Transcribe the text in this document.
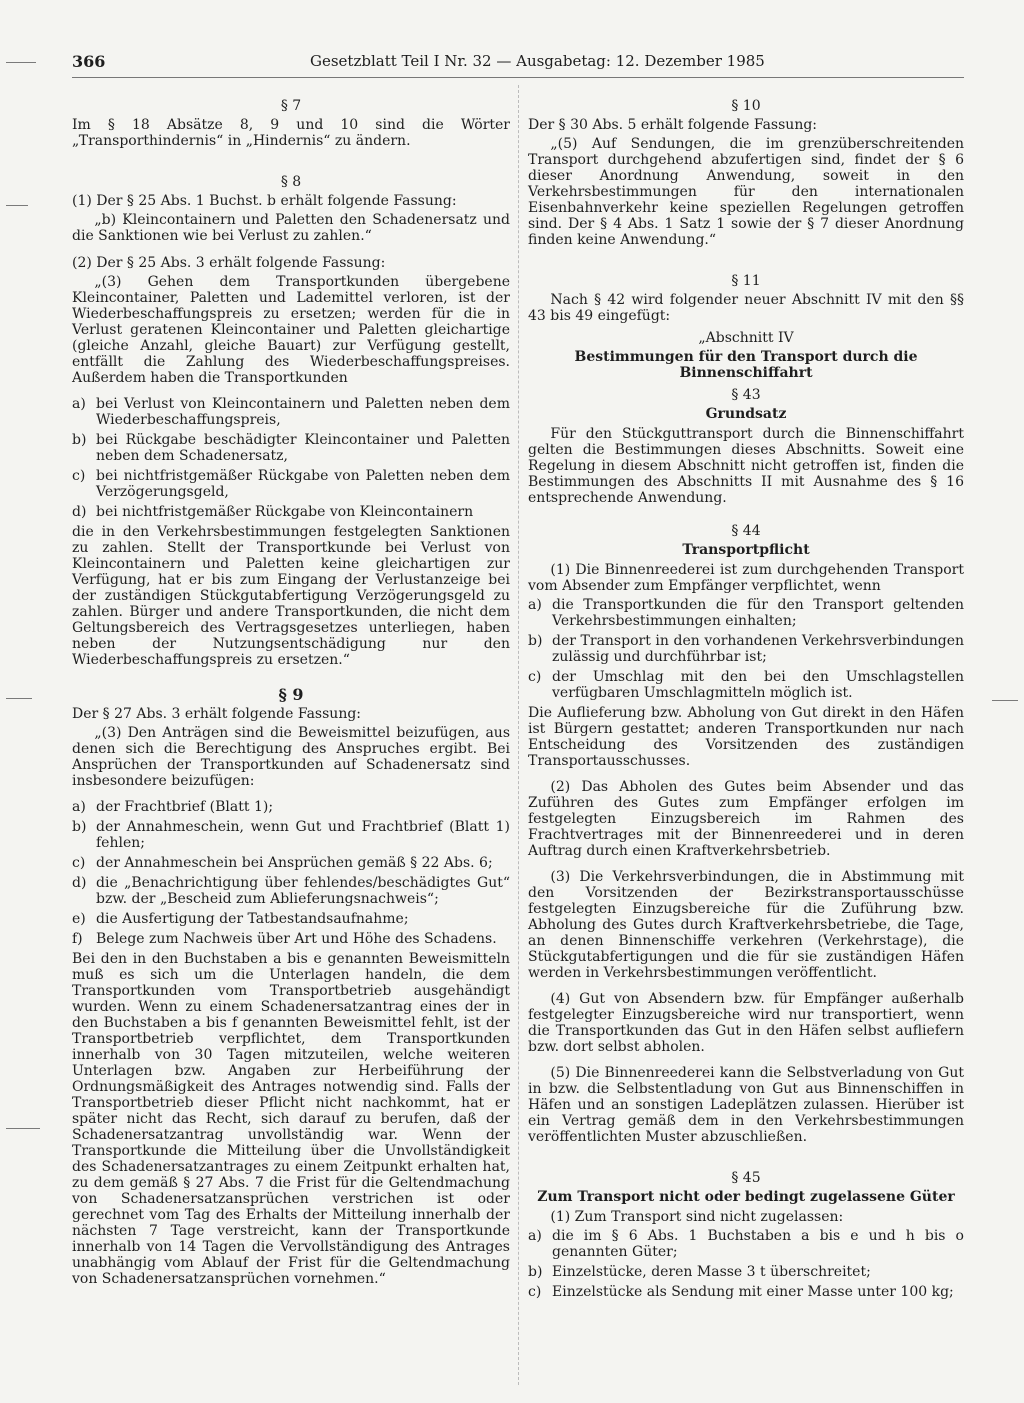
366	Gesetzblatt Teil I Nr. 32 — Ausgabetag: 12. Dezember 1985
§ 7

Im § 18 Absätze 8, 9 und 10 sind die Wörter „Transporthindernis“ in „Hindernis“ zu ändern.

§ 8

(1) Der § 25 Abs. 1 Buchst. b erhält folgende Fassung:

„b) Kleincontainern und Paletten den Schadenersatz und die Sanktionen wie bei Verlust zu zahlen.“

(2) Der § 25 Abs. 3 erhält folgende Fassung:

„(3) Gehen dem Transportkunden übergebene Kleincontainer, Paletten und Lademittel verloren, ist der Wiederbeschaffungspreis zu ersetzen; werden für die in Verlust geratenen Kleincontainer und Paletten gleichartige (gleiche Anzahl, gleiche Bauart) zur Verfügung gestellt, entfällt die Zahlung des Wiederbeschaffungspreises. Außerdem haben die Transportkunden

a) bei Verlust von Kleincontainern und Paletten neben dem Wiederbeschaffungspreis,
b) bei Rückgabe beschädigter Kleincontainer und Paletten neben dem Schadenersatz,
c) bei nichtfristgemäßer Rückgabe von Paletten neben dem Verzögerungsgeld,
d) bei nichtfristgemäßer Rückgabe von Kleincontainern

die in den Verkehrsbestimmungen festgelegten Sanktionen zu zahlen. Stellt der Transportkunde bei Verlust von Kleincontainern und Paletten keine gleichartigen zur Verfügung, hat er bis zum Eingang der Verlustanzeige bei der zuständigen Stückgutabfertigung Verzögerungsgeld zu zahlen. Bürger und andere Transportkunden, die nicht dem Geltungsbereich des Vertragsgesetzes unterliegen, haben neben der Nutzungsentschädigung nur den Wiederbeschaffungspreis zu ersetzen.“

§ 9

Der § 27 Abs. 3 erhält folgende Fassung:

„(3) Den Anträgen sind die Beweismittel beizufügen, aus denen sich die Berechtigung des Anspruches ergibt. Bei Ansprüchen der Transportkunden auf Schadenersatz sind insbesondere beizufügen:

a) der Frachtbrief (Blatt 1);
b) der Annahmeschein, wenn Gut und Frachtbrief (Blatt 1) fehlen;
c) der Annahmeschein bei Ansprüchen gemäß § 22 Abs. 6;
d) die „Benachrichtigung über fehlendes/beschädigtes Gut“ bzw. der „Bescheid zum Ablieferungsnachweis“;
e) die Ausfertigung der Tatbestandsaufnahme;
f) Belege zum Nachweis über Art und Höhe des Schadens.

Bei den in den Buchstaben a bis e genannten Beweismitteln muß es sich um die Unterlagen handeln, die dem Transportkunden vom Transportbetrieb ausgehändigt wurden. Wenn zu einem Schadenersatzantrag eines der in den Buchstaben a bis f genannten Beweismittel fehlt, ist der Transportbetrieb verpflichtet, dem Transportkunden innerhalb von 30 Tagen mitzuteilen, welche weiteren Unterlagen bzw. Angaben zur Herbeiführung der Ordnungsmäßigkeit des Antrages notwendig sind. Falls der Transportbetrieb dieser Pflicht nicht nachkommt, hat er später nicht das Recht, sich darauf zu berufen, daß der Schadenersatzantrag unvollständig war. Wenn der Transportkunde die Mitteilung über die Unvollständigkeit des Schadenersatzantrages zu einem Zeitpunkt erhalten hat, zu dem gemäß § 27 Abs. 7 die Frist für die Geltendmachung von Schadenersatzansprüchen verstrichen ist oder gerechnet vom Tag des Erhalts der Mitteilung innerhalb der nächsten 7 Tage verstreicht, kann der Transportkunde innerhalb von 14 Tagen die Vervollständigung des Antrages unabhängig vom Ablauf der Frist für die Geltendmachung von Schadenersatzansprüchen vornehmen.“

§ 10

Der § 30 Abs. 5 erhält folgende Fassung:

„(5) Auf Sendungen, die im grenzüberschreitenden Transport durchgehend abzufertigen sind, findet der § 6 dieser Anordnung Anwendung, soweit in den Verkehrsbestimmungen für den internationalen Eisenbahnverkehr keine speziellen Regelungen getroffen sind. Der § 4 Abs. 1 Satz 1 sowie der § 7 dieser Anordnung finden keine Anwendung.“

§ 11

Nach § 42 wird folgender neuer Abschnitt IV mit den §§ 43 bis 49 eingefügt:

„Abschnitt IV
Bestimmungen für den Transport durch die Binnenschiffahrt
§ 43
Grundsatz

Für den Stückguttransport durch die Binnenschiffahrt gelten die Bestimmungen dieses Abschnitts. Soweit eine Regelung in diesem Abschnitt nicht getroffen ist, finden die Bestimmungen des Abschnitts II mit Ausnahme des § 16 entsprechende Anwendung.

§ 44
Transportpflicht

(1) Die Binnenreederei ist zum durchgehenden Transport vom Absender zum Empfänger verpflichtet, wenn

a) die Transportkunden die für den Transport geltenden Verkehrsbestimmungen einhalten;
b) der Transport in den vorhandenen Verkehrsverbindungen zulässig und durchführbar ist;
c) der Umschlag mit den bei den Umschlagstellen verfügbaren Umschlagmitteln möglich ist.

Die Auflieferung bzw. Abholung von Gut direkt in den Häfen ist Bürgern gestattet; anderen Transportkunden nur nach Entscheidung des Vorsitzenden des zuständigen Transportausschusses.

(2) Das Abholen des Gutes beim Absender und das Zuführen des Gutes zum Empfänger erfolgen im festgelegten Einzugsbereich im Rahmen des Frachtvertrages mit der Binnenreederei und in deren Auftrag durch einen Kraftverkehrsbetrieb.

(3) Die Verkehrsverbindungen, die in Abstimmung mit den Vorsitzenden der Bezirkstransportausschüsse festgelegten Einzugsbereiche für die Zuführung bzw. Abholung des Gutes durch Kraftverkehrsbetriebe, die Tage, an denen Binnenschiffe verkehren (Verkehrstage), die Stückgutabfertigungen und die für sie zuständigen Häfen werden in Verkehrsbestimmungen veröffentlicht.

(4) Gut von Absendern bzw. für Empfänger außerhalb festgelegter Einzugsbereiche wird nur transportiert, wenn die Transportkunden das Gut in den Häfen selbst aufliefern bzw. dort selbst abholen.

(5) Die Binnenreederei kann die Selbstverladung von Gut in bzw. die Selbstentladung von Gut aus Binnenschiffen in Häfen und an sonstigen Ladeplätzen zulassen. Hierüber ist ein Vertrag gemäß dem in den Verkehrsbestimmungen veröffentlichten Muster abzuschließen.

§ 45
Zum Transport nicht oder bedingt zugelassene Güter

(1) Zum Transport sind nicht zugelassen:

a) die im § 6 Abs. 1 Buchstaben a bis e und h bis o genannten Güter;
b) Einzelstücke, deren Masse 3 t überschreitet;
c) Einzelstücke als Sendung mit einer Masse unter 100 kg;
